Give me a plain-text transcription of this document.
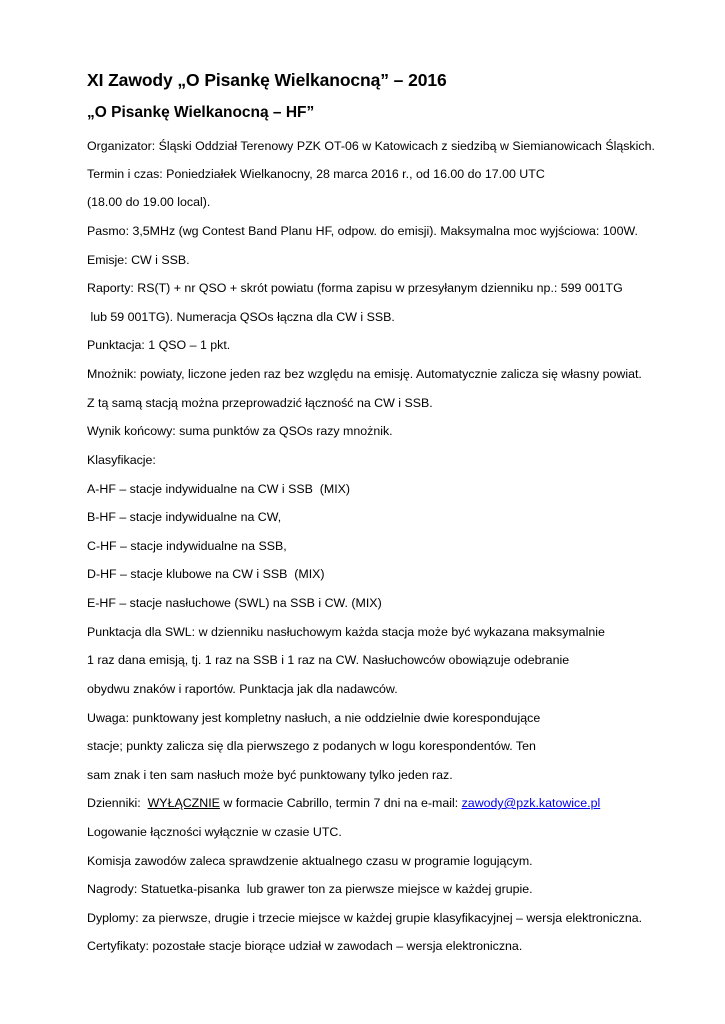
XI Zawody „O Pisankę Wielkanocną” – 2016
„O Pisankę Wielkanocną – HF”
Organizator: Śląski Oddział Terenowy PZK OT-06 w Katowicach z siedzibą w Siemianowicach Śląskich.
Termin i czas: Poniedziałek Wielkanocny, 28 marca 2016 r., od 16.00 do 17.00 UTC
(18.00 do 19.00 local).
Pasmo: 3,5MHz (wg Contest Band Planu HF, odpow. do emisji). Maksymalna moc wyjściowa: 100W.
Emisje: CW i SSB.
Raporty: RS(T) + nr QSO + skrót powiatu (forma zapisu w przesyłanym dzienniku np.: 599 001TG
lub 59 001TG). Numeracja QSOs łączna dla CW i SSB.
Punktacja: 1 QSO – 1 pkt.
Mnożnik: powiaty, liczone jeden raz bez względu na emisję. Automatycznie zalicza się własny powiat.
Z tą samą stacją można przeprowadzić łączność na CW i SSB.
Wynik końcowy: suma punktów za QSOs razy mnożnik.
Klasyfikacje:
A-HF – stacje indywidualne na CW i SSB  (MIX)
B-HF – stacje indywidualne na CW,
C-HF – stacje indywidualne na SSB,
D-HF – stacje klubowe na CW i SSB  (MIX)
E-HF – stacje nasłuchowe (SWL) na SSB i CW. (MIX)
Punktacja dla SWL: w dzienniku nasłuchowym każda stacja może być wykazana maksymalnie
1 raz dana emisją, tj. 1 raz na SSB i 1 raz na CW. Nasłuchowców obowiązuje odebranie
obydwu znaków i raportów. Punktacja jak dla nadawców.
Uwaga: punktowany jest kompletny nasłuch, a nie oddzielnie dwie korespondujące
stacje; punkty zalicza się dla pierwszego z podanych w logu korespondentów. Ten
sam znak i ten sam nasłuch może być punktowany tylko jeden raz.
Dzienniki:  WYŁĄCZNIE w formacie Cabrillo, termin 7 dni na e-mail: zawody@pzk.katowice.pl
Logowanie łączności wyłącznie w czasie UTC.
Komisja zawodów zaleca sprawdzenie aktualnego czasu w programie logującym.
Nagrody: Statuetka-pisanka  lub grawer ton za pierwsze miejsce w każdej grupie.
Dyplomy: za pierwsze, drugie i trzecie miejsce w każdej grupie klasyfikacyjnej – wersja elektroniczna.
Certyfikaty: pozostałe stacje biorące udział w zawodach – wersja elektroniczna.
